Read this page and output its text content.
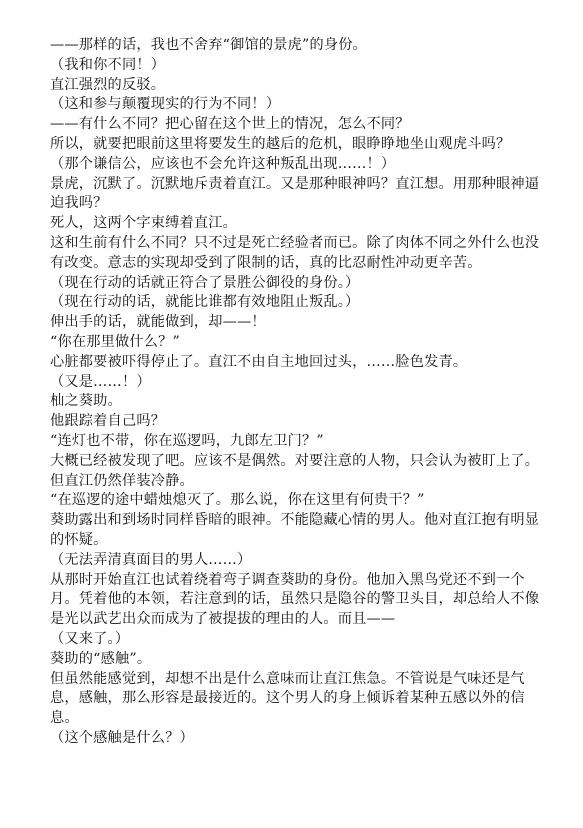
——那样的话，我也不舍弃“御馆的景虎”的身份。

（我和你不同！）

直江强烈的反驳。

（这和参与颠覆现实的行为不同！）

——有什么不同？把心留在这个世上的情况，怎么不同？

所以，就要把眼前这里将要发生的越后的危机，眼睁睁地坐山观虎斗吗？

（那个谦信公，应该也不会允许这种叛乱出现……！）

景虎，沉默了。沉默地斥责着直江。又是那种眼神吗？直江想。用那种眼神逼迫我吗？

死人，这两个字束缚着直江。

这和生前有什么不同？只不过是死亡经验者而已。除了肉体不同之外什么也没有改变。意志的实现却受到了限制的话，真的比忍耐性冲动更辛苦。

（现在行动的话就正符合了景胜公御役的身份。）

（现在行动的话，就能比谁都有效地阻止叛乱。）

伸出手的话，就能做到，却——！

“你在那里做什么？”

心脏都要被吓得停止了。直江不由自主地回过头，……脸色发青。

（又是……！）

杣之葵助。

他跟踪着自己吗？

“连灯也不带，你在巡逻吗，九郎左卫门？”

大概已经被发现了吧。应该不是偶然。对要注意的人物，只会认为被盯上了。但直江仍然佯装冷静。

“在巡逻的途中蜡烛熄灭了。那么说，你在这里有何贵干？”

葵助露出和到场时同样昏暗的眼神。不能隐藏心情的男人。他对直江抱有明显的怀疑。

（无法弄清真面目的男人……）

从那时开始直江也试着绕着弯子调查葵助的身份。他加入黑鸟党还不到一个月。凭着他的本领，若注意到的话，虽然只是隐谷的警卫头目，却总给人不像是光以武艺出众而成为了被提拔的理由的人。而且——

（又来了。）

葵助的“感触”。

但虽然能感觉到，却想不出是什么意味而让直江焦急。不管说是气味还是气息，感触，那么形容是最接近的。这个男人的身上倾诉着某种五感以外的信息。

（这个感触是什么？）
